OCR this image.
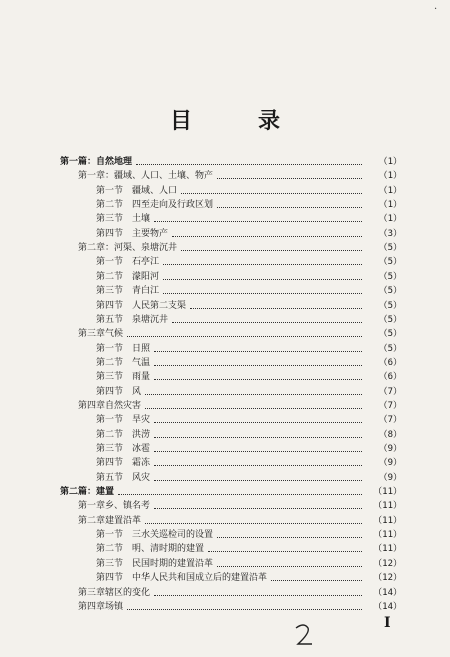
目　录
第一篇：自然地理	（1）
第一章：疆域、人口、土壤、物产	（1）
第一节　 疆域、人口	（1）
第二节　 四至走向及行政区划	（1）
第三节　 土壤	（1）
第四节　 主要物产	（3）
第二章：河渠、泉塘沉井	（5）
第一节　 石亭江	（5）
第二节　 濛阳河	（5）
第三节　 青白江	（5）
第四节　 人民第二支渠	（5）
第五节　 泉塘沉井	（5）
第三章气候	（5）
第一节　 日照	（5）
第二节　 气温	（6）
第三节　 雨量	（6）
第四节　 风	（7）
第四章自然灾害	（7）
第一节　 旱灾	（7）
第二节　 洪涝	（8）
第三节　 冰雹	（9）
第四节　 霜冻	（9）
第五节　 风灾	（9）
第二篇：建置	（11）
第一章乡、镇名考	（11）
第二章建置沿革	（11）
第一节　 三水关巡检司的设置	（11）
第二节　 明、清时期的建置	（11）
第三节　 民国时期的建置沿革	（12）
第四节　 中华人民共和国成立后的建置沿革	（12）
第三章辖区的变化	（14）
第四章场镇	（14）
I
·
